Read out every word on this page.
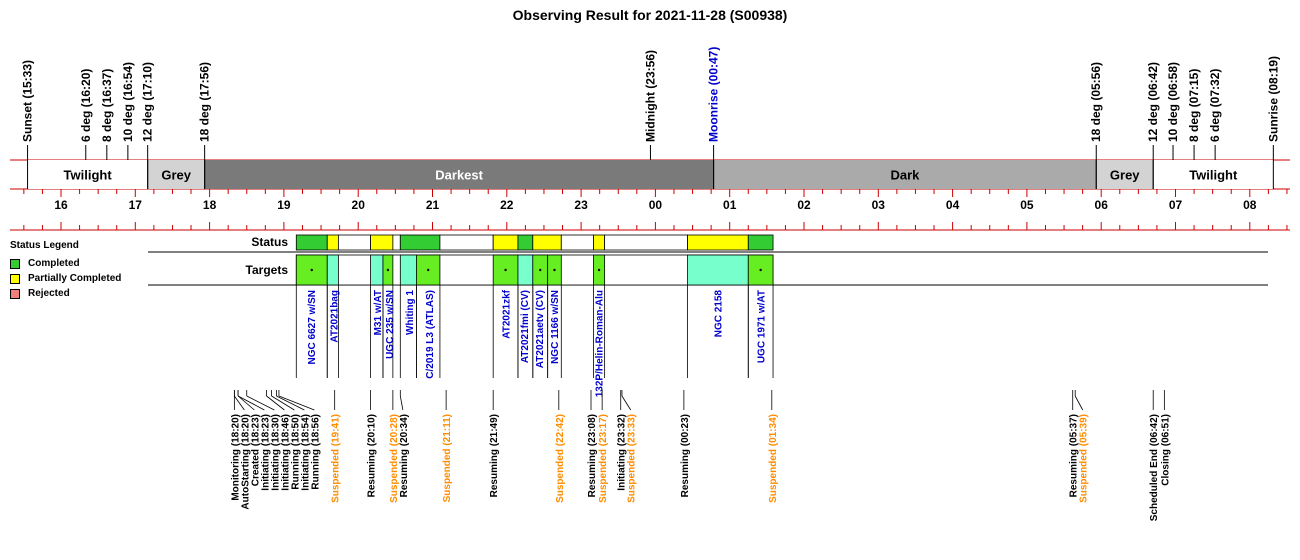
Status Legend
Completed
Partially Completed
Rejected
Observing Result for 2021-11-28 (S00938)
Status
Targets
Twilight	Grey	Darkest	Dark	Grey	Twilight
16	17	18	19	20	21	22	23	00	01	02	03	04	05	06	07	08
Sunset (15:33)	6 deg (16:20) 8 deg (16:37) 10 deg (16:54) 12 deg (17:10)	18 deg (17:56)	Midnight (23:56)	Moonrise (00:47)	18 deg (05:56)	12 deg (06:42) 10 deg (06:58) 8 deg (07:15) 6 deg (07:32)	Sunrise (08:19)
NGC 6627 w/SN AT2021bag	M31 w/AT UGC 235 w/SN Whiting 1 C/2019 L3 (ATLAS)	AT2021zkf AT2021fmi (CV) AT2021aetv (CV) NGC 1166 w/SN	132P/Helin-Roman-Alu	NGC 2158	UGC 1971 w/AT
Monitoring (18:20) AutoStarting (18:20) Created (18:23) Initiating (18:23) Initiating (18:30) Initiating (18:46) Running (18:50) Initiating (18:54) Running (18:56) Suspended (19:41) Resuming (20:10) Suspended (20:28) Resuming (20:34)	Suspended (21:11)	Resuming (21:49)	Suspended (22:42) Resuming (23:08) Suspended (23:17) Initiating (23:32) Suspended (23:33)	Resuming (00:23)	Suspended (01:34)	Resuming (05:37) Suspended (05:39)	Scheduled End (06:42) Closing (06:51)
